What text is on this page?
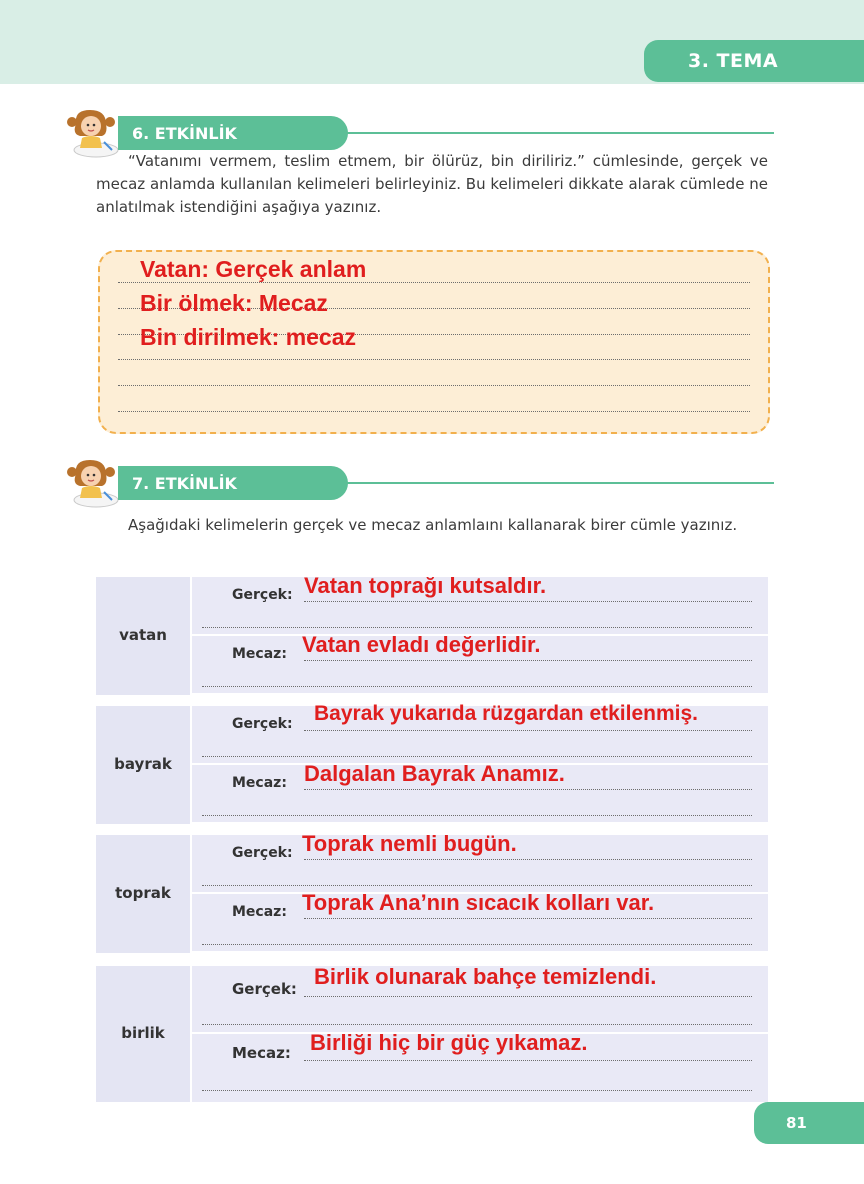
3. TEMA
6. ETKİNLİK

“Vatanımı vermem, teslim etmem, bir ölürüz, bin diriliriz.” cümlesinde, gerçek ve mecaz anlamda kullanılan kelimeleri belirleyiniz. Bu kelimeleri dikkate alarak cümlede ne anlatılmak istendiğini aşağıya yazınız.

Vatan: Gerçek anlam
Bir ölmek: Mecaz
Bin dirilmek: mecaz
7. ETKİNLİK

Aşağıdaki kelimelerin gerçek ve mecaz anlamlaını kallanarak birer cümle yazınız.

vatan
Gerçek: Vatan toprağı kutsaldır.
Mecaz: Vatan evladı değerlidir.
bayrak
Gerçek: Bayrak yukarıda rüzgardan etkilenmiş.
Mecaz: Dalgalan Bayrak Anamız.
toprak
Gerçek: Toprak nemli bugün.
Mecaz: Toprak Ana’nın sıcacık kolları var.
birlik
Gerçek: Birlik olunarak bahçe temizlendi.
Mecaz: Birliği hiç bir güç yıkamaz.
81
